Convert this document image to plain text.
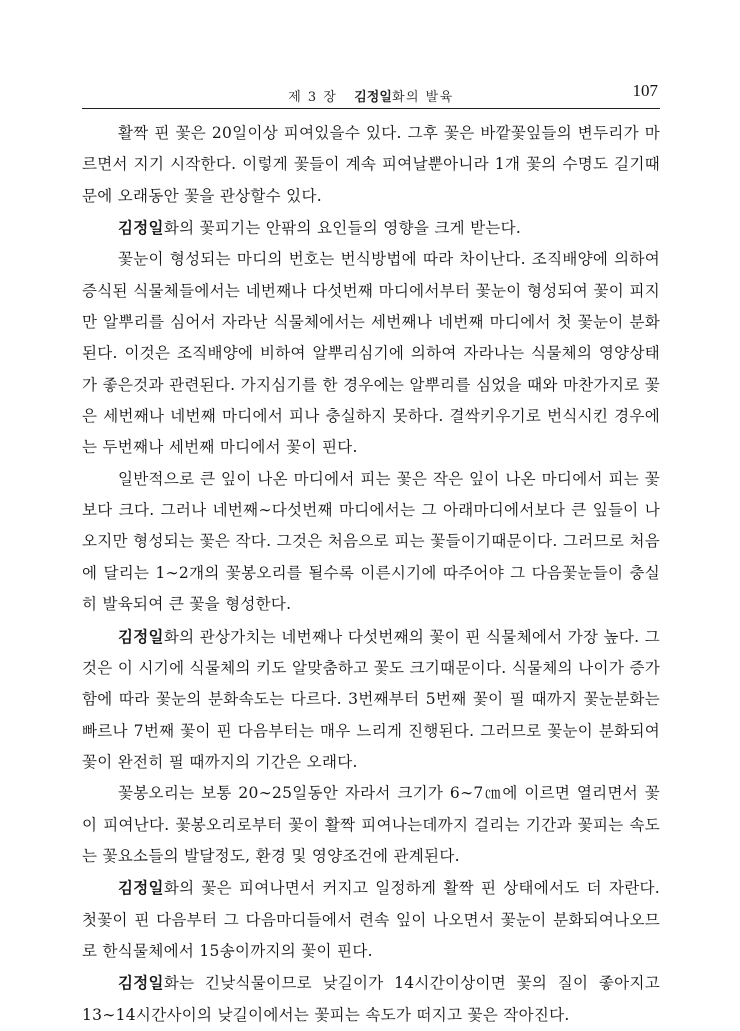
제 3 장 김정일화의 발육	107

활짝 핀 꽃은 20일이상 피여있을수 있다. 그후 꽃은 바깥꽃잎들의 변두리가 마르면서 지기 시작한다. 이렇게 꽃들이 계속 피여날뿐아니라 1개 꽃의 수명도 길기때문에 오래동안 꽃을 관상할수 있다.

김정일화의 꽃피기는 안팎의 요인들의 영향을 크게 받는다.

꽃눈이 형성되는 마디의 번호는 번식방법에 따라 차이난다. 조직배양에 의하여 증식된 식물체들에서는 네번째나 다섯번째 마디에서부터 꽃눈이 형성되여 꽃이 피지만 알뿌리를 심어서 자라난 식물체에서는 세번째나 네번째 마디에서 첫 꽃눈이 분화된다. 이것은 조직배양에 비하여 알뿌리심기에 의하여 자라나는 식물체의 영양상태가 좋은것과 관련된다. 가지심기를 한 경우에는 알뿌리를 심었을 때와 마찬가지로 꽃은 세번째나 네번째 마디에서 피나 충실하지 못하다. 결싹키우기로 번식시킨 경우에는 두번째나 세번째 마디에서 꽃이 핀다.

일반적으로 큰 잎이 나온 마디에서 피는 꽃은 작은 잎이 나온 마디에서 피는 꽃보다 크다. 그러나 네번째∼다섯번째 마디에서는 그 아래마디에서보다 큰 잎들이 나오지만 형성되는 꽃은 작다. 그것은 처음으로 피는 꽃들이기때문이다. 그러므로 처음에 달리는 1∼2개의 꽃봉오리를 될수록 이른시기에 따주어야 그 다음꽃눈들이 충실히 발육되여 큰 꽃을 형성한다.

김정일화의 관상가치는 네번째나 다섯번째의 꽃이 핀 식물체에서 가장 높다. 그것은 이 시기에 식물체의 키도 알맞춤하고 꽃도 크기때문이다. 식물체의 나이가 증가함에 따라 꽃눈의 분화속도는 다르다. 3번째부터 5번째 꽃이 필 때까지 꽃눈분화는 빠르나 7번째 꽃이 핀 다음부터는 매우 느리게 진행된다. 그러므로 꽃눈이 분화되여 꽃이 완전히 필 때까지의 기간은 오래다.

꽃봉오리는 보통 20∼25일동안 자라서 크기가 6∼7㎝에 이르면 열리면서 꽃이 피여난다. 꽃봉오리로부터 꽃이 활짝 피여나는데까지 걸리는 기간과 꽃피는 속도는 꽃요소들의 발달정도, 환경 및 영양조건에 관계된다.

김정일화의 꽃은 피여나면서 커지고 일정하게 활짝 핀 상태에서도 더 자란다. 첫꽃이 핀 다음부터 그 다음마디들에서 련속 잎이 나오면서 꽃눈이 분화되여나오므로 한식물체에서 15송이까지의 꽃이 핀다.

김정일화는 긴낮식물이므로 낮길이가 14시간이상이면 꽃의 질이 좋아지고 13∼14시간사이의 낮길이에서는 꽃피는 속도가 떠지고 꽃은 작아진다.
